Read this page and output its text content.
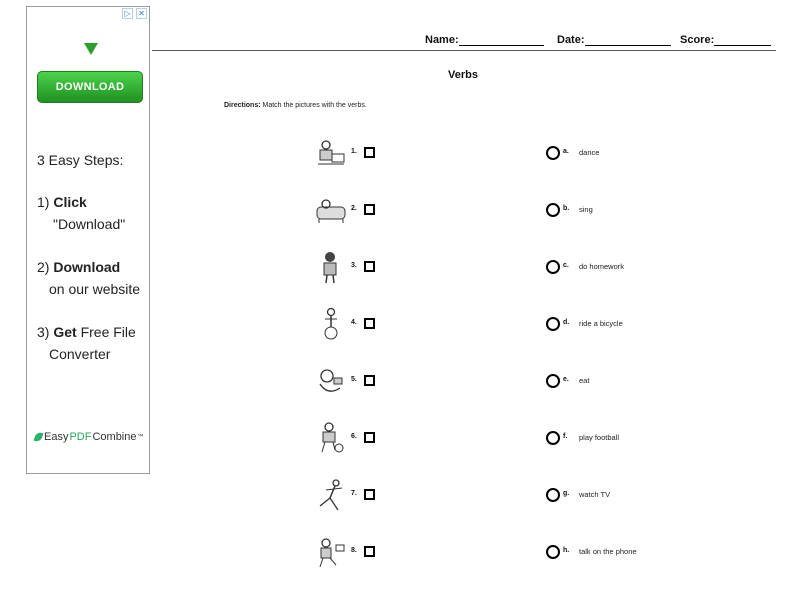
▷ ✕
DOWNLOAD
3 Easy Steps:
1) Click
"Download"
2) Download
on our website
3) Get Free File
Converter
Easy PDF Combine ™
Name:	Date:	Score:
Verbs
Directions: Match the pictures with the verbs.
1.	a. dance
2.	b. sing
3.	c. do homework
4.	d. ride a bicycle
5.	e. eat
6.	f. play football
7.	g. watch TV
8.	h. talk on the phone
